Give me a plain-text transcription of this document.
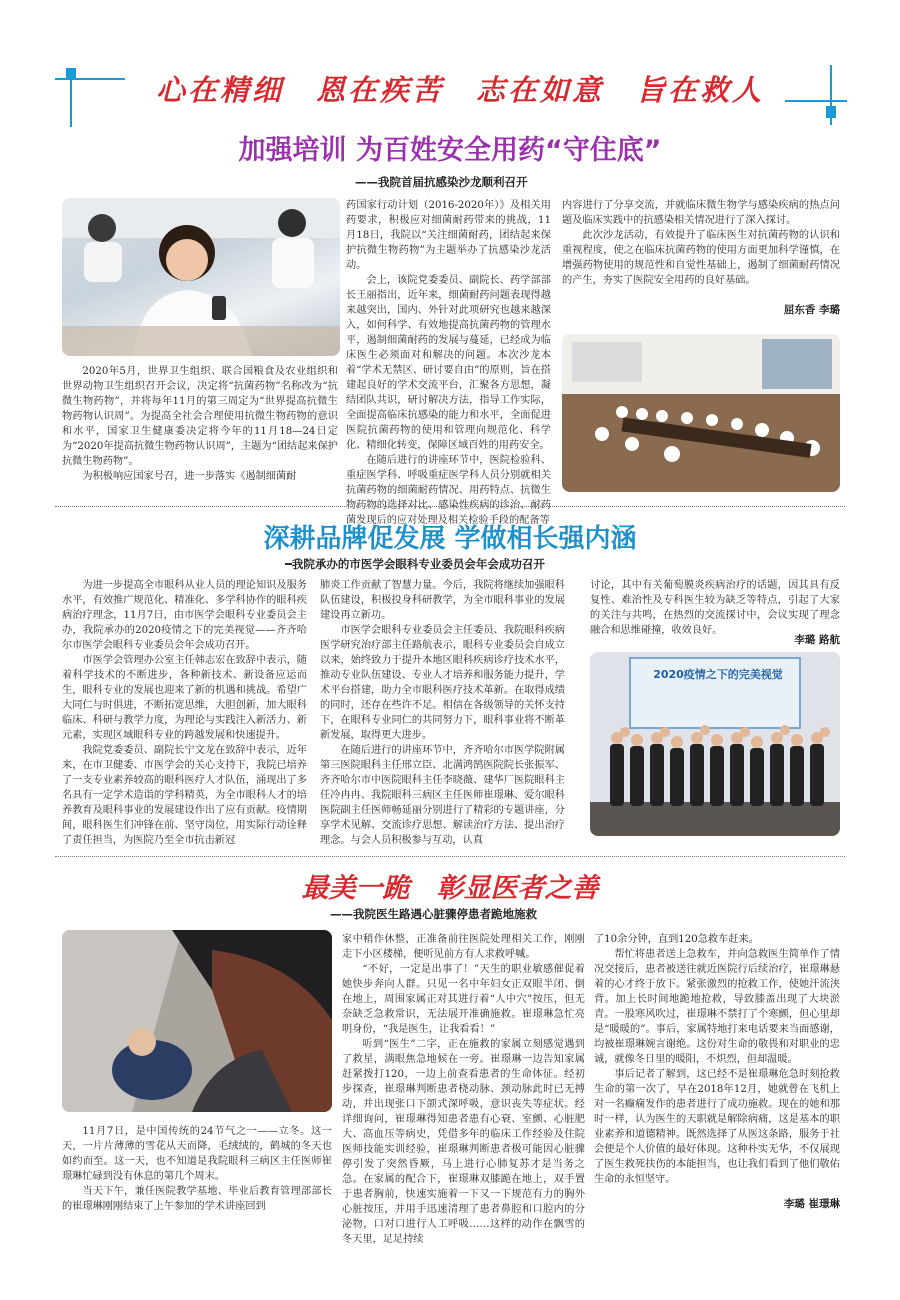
心在精细　恩在疾苦　志在如意　旨在救人
加强培训 为百姓安全用药“守住底”
——我院首届抗感染沙龙顺利召开

2020年5月，世界卫生组织、联合国粮食及农业组织和世界动物卫生组织召开会议，决定将“抗菌药物”名称改为“抗微生物药物”，并将每年11月的第三周定为“世界提高抗微生物药物认识周”。为提高全社会合理使用抗微生物药物的意识和水平，国家卫生健康委决定将今年的11月18—24日定为“2020年提高抗微生物药物认识周”，主题为“团结起来保护抗微生物药物”。

为积极响应国家号召，进一步落实《遏制细菌耐

药国家行动计划（2016-2020年）》及相关用药要求，积极应对细菌耐药带来的挑战，11月18日，我院以“关注细菌耐药，团结起来保护抗微生物药物”为主题举办了抗感染沙龙活动。

会上，该院党委委员、副院长、药学部部长王丽指出，近年来，细菌耐药问题表现得越来越突出，国内、外针对此项研究也越来越深入，如何科学、有效地提高抗菌药物的管理水平，遏制细菌耐药的发展与蔓延，已经成为临床医生必须面对和解决的问题。本次沙龙本着“学术无禁区、研讨要自由”的原则，旨在搭建起良好的学术交流平台，汇聚各方思想，凝结团队共识，研讨解决方法，指导工作实际，全面提高临床抗感染的能力和水平，全面促进医院抗菌药物的使用和管理向规范化、科学化、精细化转变，保障区域百姓的用药安全。

在随后进行的讲座环节中，医院检验科、重症医学科、呼吸重症医学科人员分别就相关抗菌药物的细菌耐药情况、用药特点、抗微生物药物的选择对比、感染性疾病的诊治、耐药菌发现后的应对处理及相关检验手段的配备等

内容进行了分享交流，并就临床微生物学与感染疾病的热点问题及临床实践中的抗感染相关情况进行了深入探讨。

此次沙龙活动，有效提升了临床医生对抗菌药物的认识和重视程度，使之在临床抗菌药物的使用方面更加科学谨慎，在增强药物使用的规范性和自觉性基础上，遏制了细菌耐药情况的产生，夯实了医院安全用药的良好基础。

屈东香 李璐
深耕品牌促发展 学做相长强内涵
━我院承办的市医学会眼科专业委员会年会成功召开

为进一步提高全市眼科从业人员的理论知识及服务水平，有效推广规范化、精准化、多学科协作的眼科疾病治疗理念，11月7日，由市医学会眼科专业委员会主办，我院承办的2020疫情之下的完美视觉——齐齐哈尔市医学会眼科专业委员会年会成功召开。

市医学会管理办公室主任韩志宏在致辞中表示，随着科学技术的不断进步，各种新技术、新设备应运而生，眼科专业的发展也迎来了新的机遇和挑战。希望广大同仁与时俱进，不断拓宽思维，大胆创新，加大眼科临床、科研与教学力度，为理论与实践注入新活力、新元素，实现区域眼科专业的跨越发展和快速提升。

我院党委委员、副院长宁文龙在致辞中表示，近年来，在市卫健委、市医学会的关心支持下，我院已培养了一支专业素养较高的眼科医疗人才队伍，涌现出了多名具有一定学术造诣的学科精英，为全市眼科人才的培养教育及眼科事业的发展建设作出了应有贡献。疫情期间，眼科医生们冲锋在前、坚守岗位，用实际行动诠释了责任担当，为医院乃至全市抗击新冠

肺炎工作贡献了智慧力量。今后，我院将继续加强眼科队伍建设，积极投身科研教学，为全市眼科事业的发展建设再立新功。

市医学会眼科专业委员会主任委员、我院眼科疾病医学研究治疗部主任路航表示，眼科专业委员会自成立以来，始终致力于提升本地区眼科疾病诊疗技术水平，推动专业队伍建设、专业人才培养和服务能力提升，学术平台搭建，助力全市眼科医疗技术革新。在取得成绩的同时，还存在些许不足。相信在各级领导的关怀支持下，在眼科专业同仁的共同努力下，眼科事业将不断革新发展，取得更大进步。

在随后进行的讲座环节中，齐齐哈尔市医学院附属第三医院眼科主任邢立臣、北满鸿鹄医院院长张振军、齐齐哈尔市中医院眼科主任李晓薇、建华厂医院眼科主任冷冉冉、我院眼科三病区主任医师崔璟琳、爱尔眼科医院副主任医师畅延丽分别进行了精彩的专题讲座，分享学术见解、交流诊疗思想、解读治疗方法、提出治疗理念。与会人员积极参与互动，认真

讨论，其中有关葡萄膜炎疾病治疗的话题，因其具有反复性、难治性及专科医生较为缺乏等特点，引起了大家的关注与共鸣，在热烈的交流探讨中，会议实现了理念融合和思维碰撞，收效良好。

李璐 路航
2020疫情之下的完美视觉
最美一跪　彰显医者之善
——我院医生路遇心脏骤停患者跪地施救

11月7日，是中国传统的24节气之一——立冬。这一天，一片片薄薄的雪花从天而降，毛绒绒的，鹤城的冬天也如约而至。这一天，也不知道是我院眼科三病区主任医师崔璟琳忙碌到没有休息的第几个周末。

当天下午，兼任医院教学基地、毕业后教育管理部部长的崔璟琳刚刚结束了上午参加的学术讲座回到

家中稍作休整，正准备前往医院处理相关工作，刚刚走下小区楼梯，便听见前方有人求救呼喊。

“不好，一定是出事了！”天生的职业敏感催促着她快步奔向人群。只见一名中年妇女正双眼半闭、倒在地上，周围家属正对其进行着“人中穴”按压，但无奈缺乏急救常识，无法展开准确施救。崔璟琳急忙亮明身份，“我是医生，让我看看！”

听到“医生”二字，正在施救的家属立刻感觉遇到了救星，满眼焦急地候在一旁。崔璟琳一边告知家属赶紧拨打120，一边上前查看患者的生命体征。经初步探查，崔璟琳判断患者桡动脉、颈动脉此时已无搏动，并出现张口下颌式深呼吸，意识丧失等症状。经详细询问，崔璟琳得知患者患有心衰、室颤、心脏肥大、高血压等病史，凭借多年的临床工作经验及住院医师技能实训经验，崔璟琳判断患者极可能因心脏骤停引发了突然昏厥，马上进行心肺复苏才是当务之急。在家属的配合下，崔璟琳双膝跪在地上，双手置于患者胸前，快速实施着一下又一下规范有力的胸外心脏按压，并用手迅速清理了患者鼻腔和口腔内的分泌物，口对口进行人工呼吸……这样的动作在飘雪的冬天里，足足持续

了10余分钟，直到120急救车赶来。

帮忙将患者送上急救车，并向急救医生简单作了情况交接后，患者被送往就近医院行后续治疗，崔璟琳悬着的心才终于放下。紧张激烈的抢救工作，使她汗流浃背。加上长时间地跪地抢救，导致膝盖出现了大块淤青。一股寒风吹过，崔璟琳不禁打了个寒颤，但心里却是“暖暖的”。事后，家属特地打来电话要来当面感谢，均被崔璟琳婉言谢绝。这份对生命的敬畏和对职业的忠诚，就像冬日里的暖阳，不炽烈，但却温暖。

事后记者了解到，这已经不是崔璟琳危急时刻抢救生命的第一次了，早在2018年12月，她就曾在飞机上对一名癫痫发作的患者进行了成功施救。现在的她和那时一样，认为医生的天职就是解除病痛，这是基本的职业素养和道德精神。既然选择了从医这条路，服务于社会便是个人价值的最好体现。这种朴实无华，不仅展现了医生救死扶伤的本能担当，也让我们看到了他们敬佑生命的永恒坚守。

李璐 崔璟琳
